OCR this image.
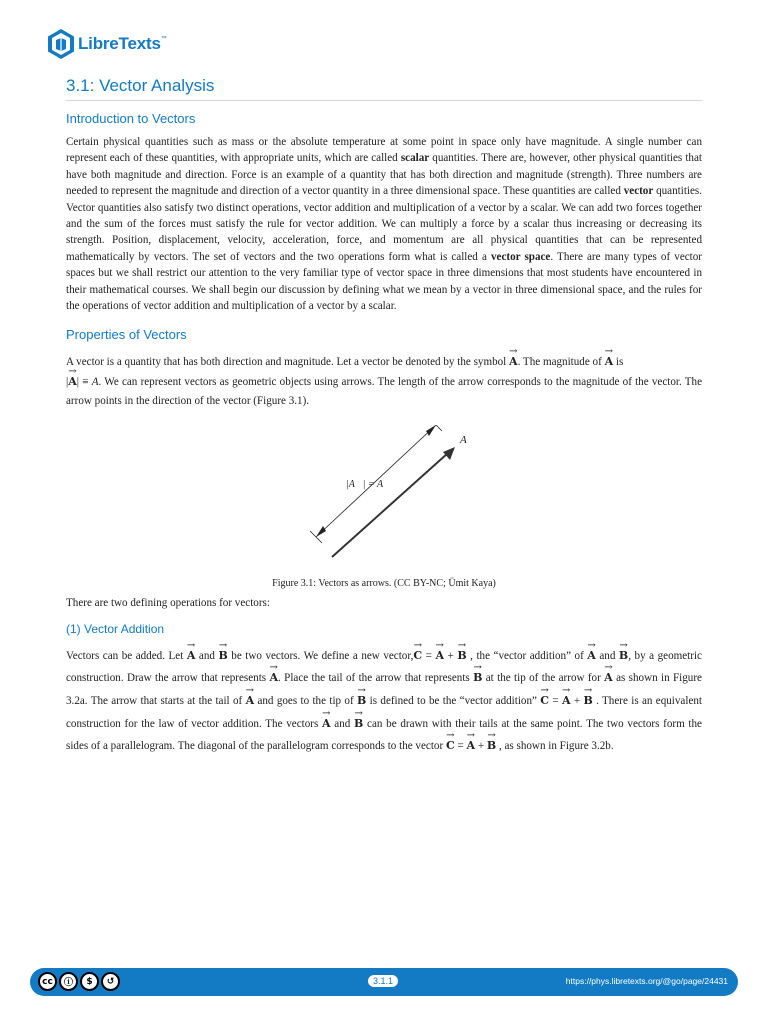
LibreTexts ™
3.1: Vector Analysis
Introduction to Vectors

Certain physical quantities such as mass or the absolute temperature at some point in space only have magnitude. A single number can represent each of these quantities, with appropriate units, which are called scalar quantities. There are, however, other physical quantities that have both magnitude and direction. Force is an example of a quantity that has both direction and magnitude (strength). Three numbers are needed to represent the magnitude and direction of a vector quantity in a three dimensional space. These quantities are called vector quantities. Vector quantities also satisfy two distinct operations, vector addition and multiplication of a vector by a scalar. We can add two forces together and the sum of the forces must satisfy the rule for vector addition. We can multiply a force by a scalar thus increasing or decreasing its strength. Position, displacement, velocity, acceleration, force, and momentum are all physical quantities that can be represented mathematically by vectors. The set of vectors and the two operations form what is called a vector space. There are many types of vector spaces but we shall restrict our attention to the very familiar type of vector space in three dimensions that most students have encountered in their mathematical courses. We shall begin our discussion by defining what we mean by a vector in three dimensional space, and the rules for the operations of vector addition and multiplication of a vector by a scalar.

Properties of Vectors

A vector is a quantity that has both direction and magnitude. Let a vector be denoted by the symbol → A. The magnitude of → A is
|→ A| ≡ A. We can represent vectors as geometric objects using arrows. The length of the arrow corresponds to the magnitude of the vector. The arrow points in the direction of the vector (Figure 3.1).

|A⃗| = A
A⃗
Figure 3.1: Vectors as arrows. (CC BY-NC; Ümit Kaya)

There are two defining operations for vectors:

(1) Vector Addition

Vectors can be added. Let → A and → B be two vectors. We define a new vector,→ C = → A + → B , the “vector addition” of → A and → B, by a geometric construction. Draw the arrow that represents → A. Place the tail of the arrow that represents → B at the tip of the arrow for → A as shown in Figure 3.2a. The arrow that starts at the tail of → A and goes to the tip of → B is defined to be the “vector addition” → C = → A + → B . There is an equivalent construction for the law of vector addition. The vectors → A and → B can be drawn with their tails at the same point. The two vectors form the sides of a parallelogram. The diagonal of the parallelogram corresponds to the vector → C = → A + → B , as shown in Figure 3.2b.

cc	ⓘ	$	↺	3.1.1	https://phys.libretexts.org/@go/page/24431
